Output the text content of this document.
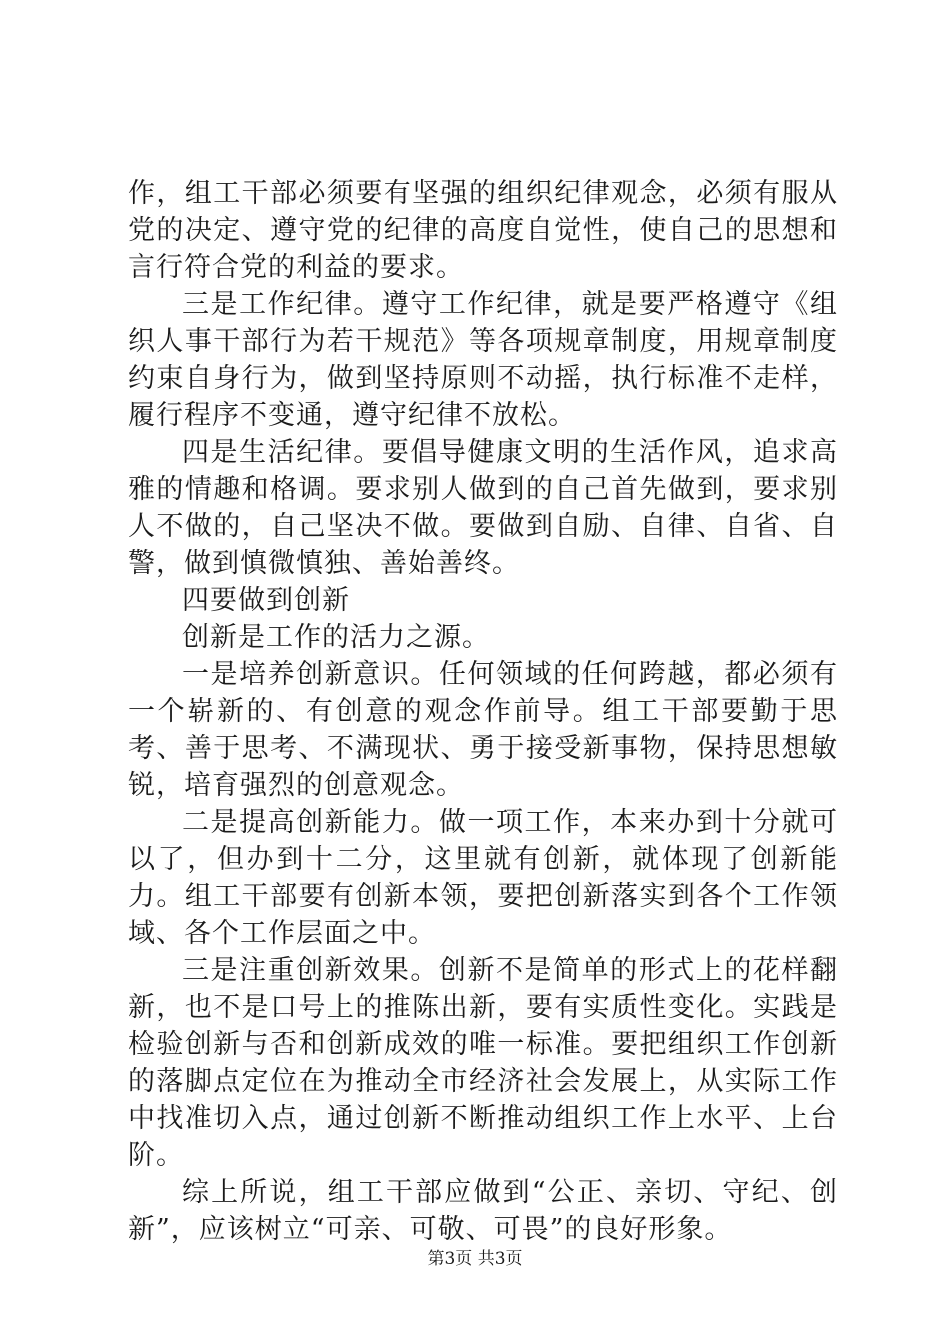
作，组工干部必须要有坚强的组织纪律观念，必须有服从党的决定、遵守党的纪律的高度自觉性，使自己的思想和言行符合党的利益的要求。

三是工作纪律。遵守工作纪律，就是要严格遵守《组织人事干部行为若干规范》等各项规章制度，用规章制度约束自身行为，做到坚持原则不动摇，执行标准不走样，履行程序不变通，遵守纪律不放松。

四是生活纪律。要倡导健康文明的生活作风，追求高雅的情趣和格调。要求别人做到的自己首先做到，要求别人不做的，自己坚决不做。要做到自励、自律、自省、自警，做到慎微慎独、善始善终。

四要做到创新

创新是工作的活力之源。

一是培养创新意识。任何领域的任何跨越，都必须有一个崭新的、有创意的观念作前导。组工干部要勤于思考、善于思考、不满现状、勇于接受新事物，保持思想敏锐，培育强烈的创意观念。

二是提高创新能力。做一项工作，本来办到十分就可以了，但办到十二分，这里就有创新，就体现了创新能力。组工干部要有创新本领，要把创新落实到各个工作领域、各个工作层面之中。

三是注重创新效果。创新不是简单的形式上的花样翻新，也不是口号上的推陈出新，要有实质性变化。实践是检验创新与否和创新成效的唯一标准。要把组织工作创新的落脚点定位在为推动全市经济社会发展上，从实际工作中找准切入点，通过创新不断推动组织工作上水平、上台阶。

综上所说，组工干部应做到“公正、亲切、守纪、创新”，应该树立“可亲、可敬、可畏”的良好形象。

第3页 共3页
